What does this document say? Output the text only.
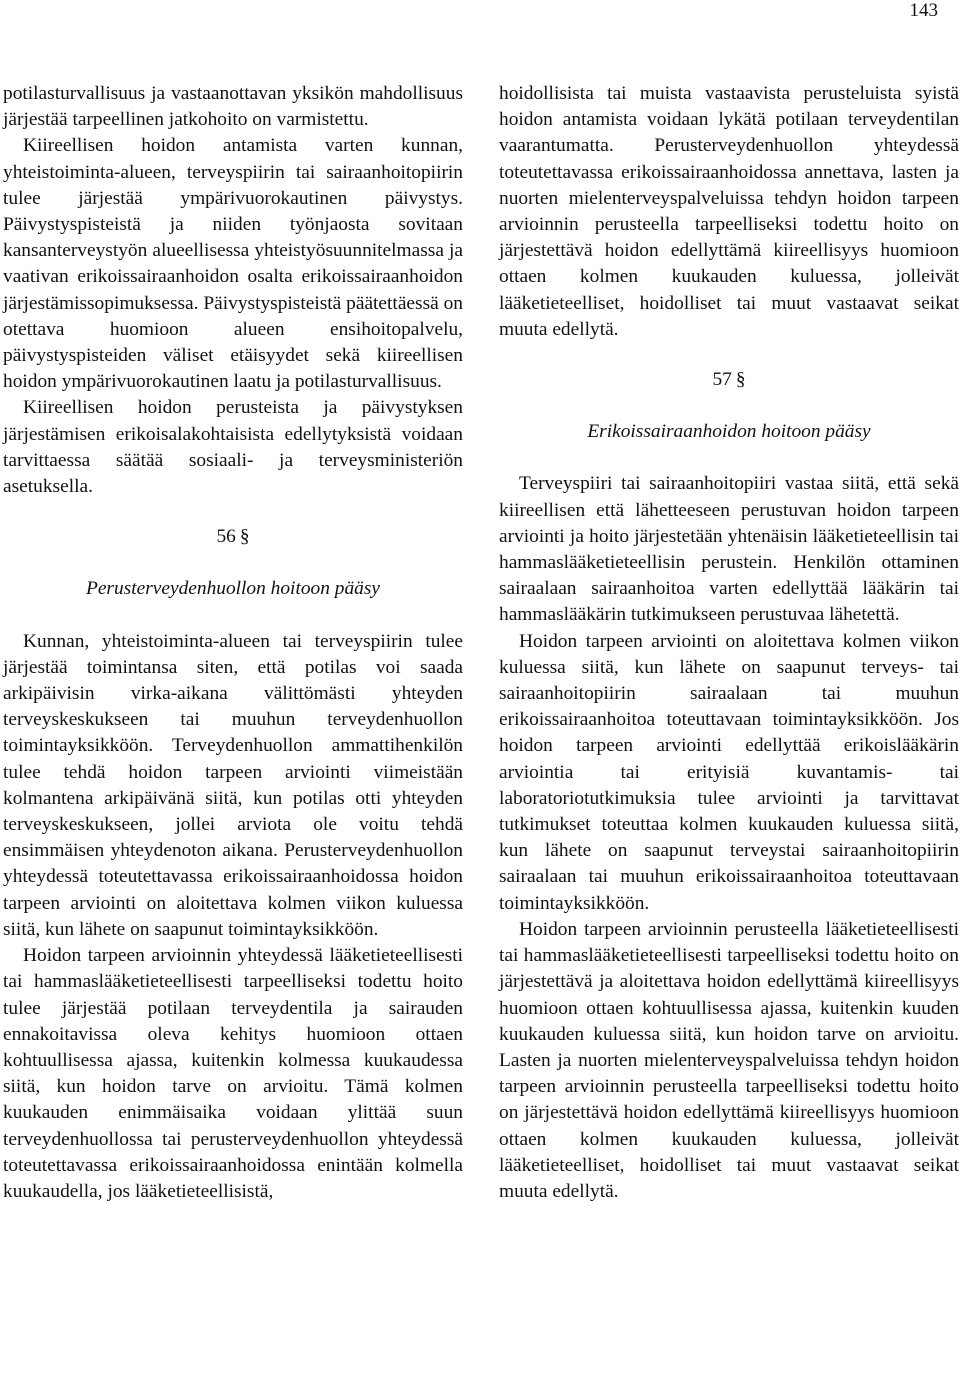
143

potilasturvallisuus ja vastaanottavan yksikön mahdollisuus järjestää tarpeellinen jatkohoito on varmistettu.

Kiireellisen hoidon antamista varten kunnan, yhteistoiminta-alueen, terveyspiirin tai sairaanhoitopiirin tulee järjestää ympärivuorokautinen päivystys. Päivystyspisteistä ja niiden työnjaosta sovitaan kansanterveystyön alueellisessa yhteistyösuunnitelmassa ja vaativan erikoissairaanhoidon osalta erikoissairaanhoidon järjestämissopimuksessa. Päivystyspisteistä päätettäessä on otettava huomioon alueen ensihoitopalvelu, päivystyspisteiden väliset etäisyydet sekä kiireellisen hoidon ympärivuorokautinen laatu ja potilasturvallisuus.

Kiireellisen hoidon perusteista ja päivystyksen järjestämisen erikoisalakohtaisista edellytyksistä voidaan tarvittaessa säätää sosiaali- ja terveysministeriön asetuksella.

56 §
Perusterveydenhuollon hoitoon pääsy

Kunnan, yhteistoiminta-alueen tai terveyspiirin tulee järjestää toimintansa siten, että potilas voi saada arkipäivisin virka-aikana välittömästi yhteyden terveyskeskukseen tai muuhun terveydenhuollon toimintayksikköön. Terveydenhuollon ammattihenkilön tulee tehdä hoidon tarpeen arviointi viimeistään kolmantena arkipäivänä siitä, kun potilas otti yhteyden terveyskeskukseen, jollei arviota ole voitu tehdä ensimmäisen yhteydenoton aikana. Perusterveydenhuollon yhteydessä toteutettavassa erikoissairaanhoidossa hoidon tarpeen arviointi on aloitettava kolmen viikon kuluessa siitä, kun lähete on saapunut toimintayksikköön.

Hoidon tarpeen arvioinnin yhteydessä lääketieteellisesti tai hammaslääketieteellisesti tarpeelliseksi todettu hoito tulee järjestää potilaan terveydentila ja sairauden ennakoitavissa oleva kehitys huomioon ottaen kohtuullisessa ajassa, kuitenkin kolmessa kuukaudessa siitä, kun hoidon tarve on arvioitu. Tämä kolmen kuukauden enimmäisaika voidaan ylittää suun terveydenhuollossa tai perusterveydenhuollon yhteydessä toteutettavassa erikoissairaanhoidossa enintään kolmella kuukaudella, jos lääketieteellisistä,

hoidollisista tai muista vastaavista perusteluista syistä hoidon antamista voidaan lykätä potilaan terveydentilan vaarantumatta. Perusterveydenhuollon yhteydessä toteutettavassa erikoissairaanhoidossa annettava, lasten ja nuorten mielenterveyspalveluissa tehdyn hoidon tarpeen arvioinnin perusteella tarpeelliseksi todettu hoito on järjestettävä hoidon edellyttämä kiireellisyys huomioon ottaen kolmen kuukauden kuluessa, jolleivät lääketieteelliset, hoidolliset tai muut vastaavat seikat muuta edellytä.

57 §
Erikoissairaanhoidon hoitoon pääsy

Terveyspiiri tai sairaanhoitopiiri vastaa siitä, että sekä kiireellisen että lähetteeseen perustuvan hoidon tarpeen arviointi ja hoito järjestetään yhtenäisin lääketieteellisin tai hammaslääketieteellisin perustein. Henkilön ottaminen sairaalaan sairaanhoitoa varten edellyttää lääkärin tai hammaslääkärin tutkimukseen perustuvaa lähetettä.

Hoidon tarpeen arviointi on aloitettava kolmen viikon kuluessa siitä, kun lähete on saapunut terveys- tai sairaanhoitopiirin sairaalaan tai muuhun erikoissairaanhoitoa toteuttavaan toimintayksikköön. Jos hoidon tarpeen arviointi edellyttää erikoislääkärin arviointia tai erityisiä kuvantamis- tai laboratoriotutkimuksia tulee arviointi ja tarvittavat tutkimukset toteuttaa kolmen kuukauden kuluessa siitä, kun lähete on saapunut terveystai sairaanhoitopiirin sairaalaan tai muuhun erikoissairaanhoitoa toteuttavaan toimintayksikköön.

Hoidon tarpeen arvioinnin perusteella lääketieteellisesti tai hammaslääketieteellisesti tarpeelliseksi todettu hoito on järjestettävä ja aloitettava hoidon edellyttämä kiireellisyys huomioon ottaen kohtuullisessa ajassa, kuitenkin kuuden kuukauden kuluessa siitä, kun hoidon tarve on arvioitu. Lasten ja nuorten mielenterveyspalveluissa tehdyn hoidon tarpeen arvioinnin perusteella tarpeelliseksi todettu hoito on järjestettävä hoidon edellyttämä kiireellisyys huomioon ottaen kolmen kuukauden kuluessa, jolleivät lääketieteelliset, hoidolliset tai muut vastaavat seikat muuta edellytä.
